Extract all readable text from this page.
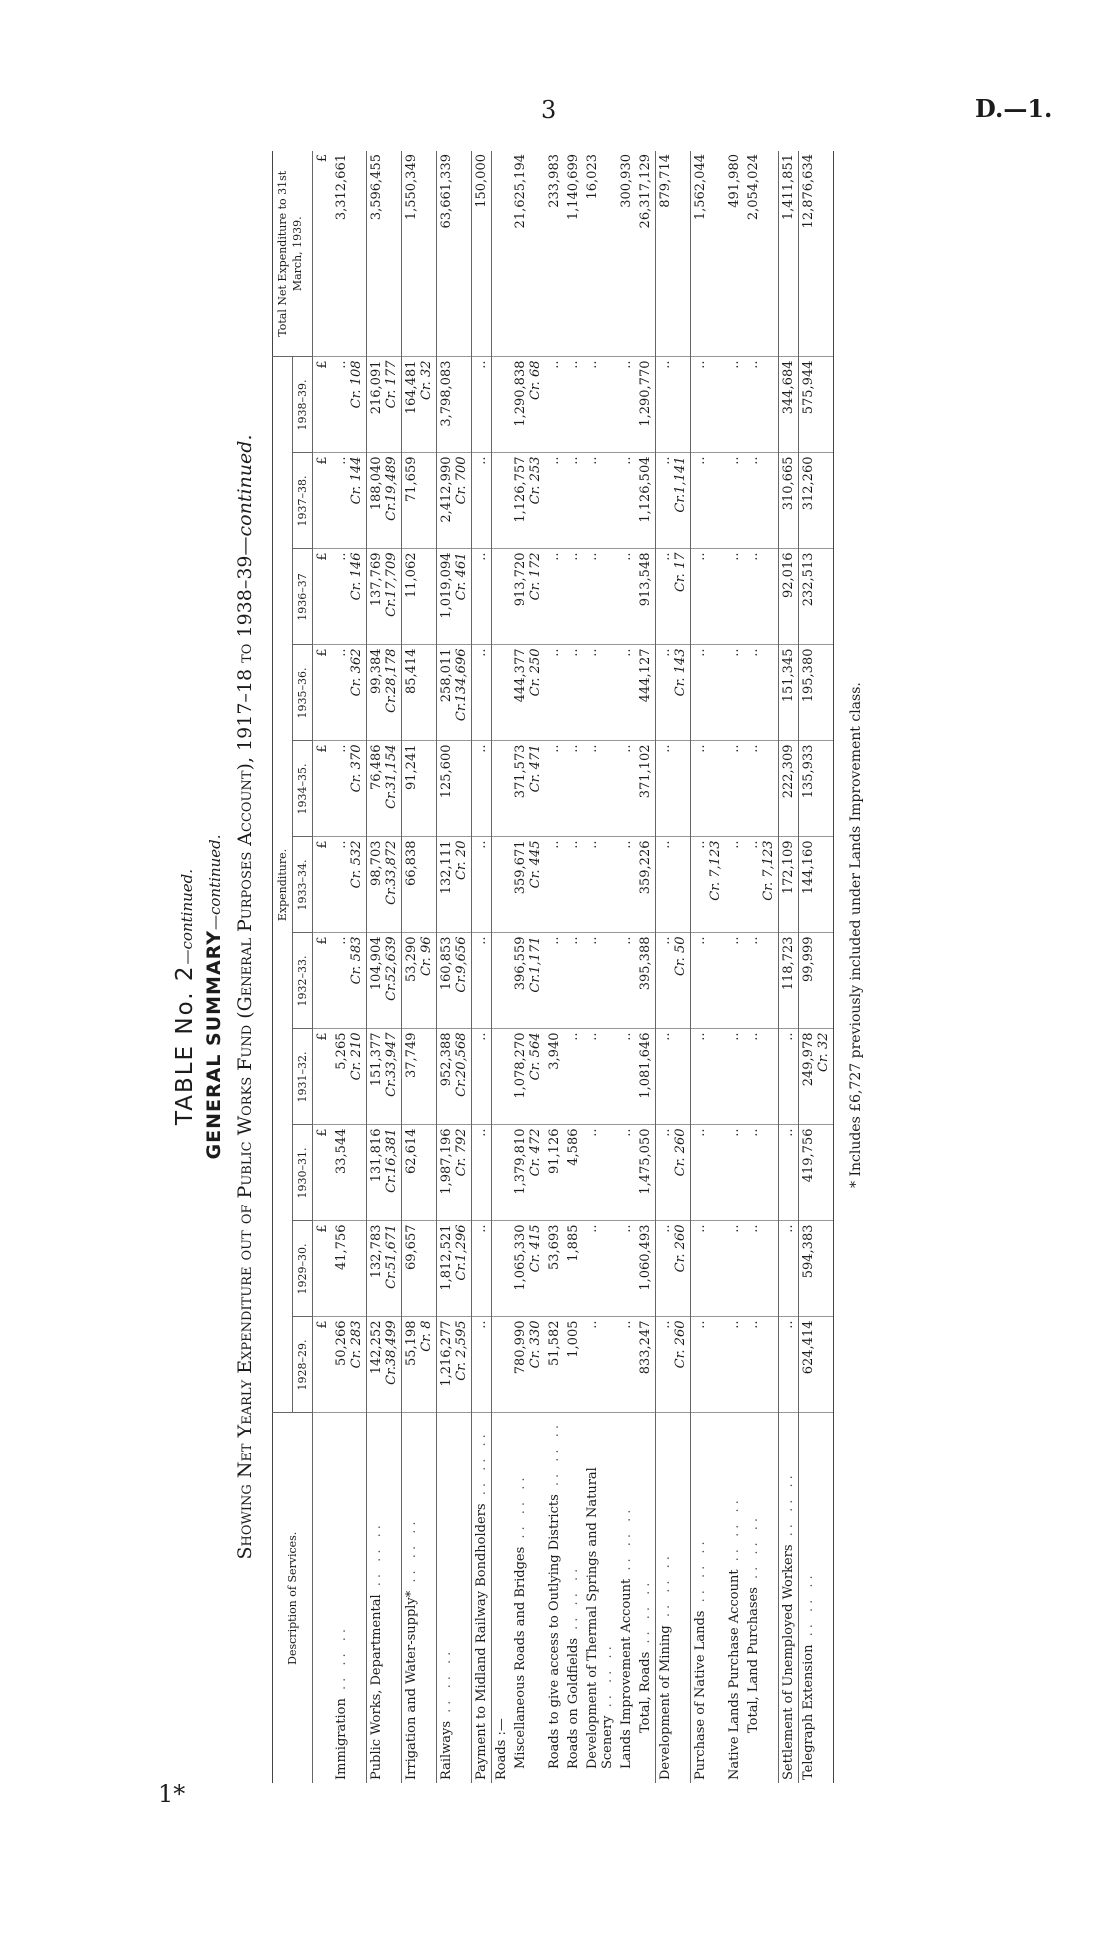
3	D.—1.
1*
TABLE No. 2—continued.
GENERAL SUMMARY—continued. Showing Net Yearly Expenditure out of Public Works Fund (General Purposes Account), 1917–18 to 1938–39—continued.
Description of Services.	Expenditure.											Total Net Expenditure to 31st March, 1939.
	1928–29.	1929–30.	1930–31.	1931–32.	1932–33.	1933–34.	1934–35.	1935–36.	1936–37	1937–38.	1938–39.	
	£	£	£	£	£	£	£	£	£	£	£	£
Immigration .. .. ..	50,266 Cr. 283	41,756	33,544	5,265 Cr. 210	.. Cr. 583	.. Cr. 532	.. Cr. 370	.. Cr. 362	.. Cr. 146	.. Cr. 144	.. Cr. 108	3,312,661

Public Works, Departmental .. .. ..	142,252 Cr.38,499	132,783 Cr.51,671	131,816 Cr.16,381	151,377 Cr.33,947	104,904 Cr.52,639	98,703 Cr.33,872	76,486 Cr.31,154	99,384 Cr.28,178	137,769 Cr.17,709	188,040 Cr.19,489	216,091 Cr. 177	3,596,455

Irrigation and Water-supply* .. .. ..	55,198 Cr. 8	69,657	62,614	37,749	53,290 Cr. 96	66,838	91,241	85,414	11,062	71,659	164,481 Cr. 32	1,550,349

Railways .. .. ..	1,216,277 Cr. 2,595	1,812,521 Cr.1,296	1,987,196 Cr. 792	952,388 Cr.20,568	160,853 Cr.9,656	132,111 Cr. 20	125,600	258,011 Cr.134,696	1,019,094 Cr. 461	2,412,990 Cr. 700	3,798,083	63,661,339

Payment to Midland Railway Bondholders .. .. ..	..	..	..	..	..	..	..	..	..	..	..	150,000

Roads :—												
Miscellaneous Roads and Bridges .. .. ..	780,990 Cr. 330	1,065,330 Cr. 415	1,379,810 Cr. 472	1,078,270 Cr. 564	396,559 Cr.1,171	359,671 Cr. 445	371,573 Cr. 471	444,377 Cr. 250	913,720 Cr. 172	1,126,757 Cr. 253	1,290,838 Cr. 68	21,625,194

Roads to give access to Outlying Districts .. .. ..	51,582	53,693	91,126	3,940	..	..	..	..	..	..	..	233,983

Roads on Goldfields .. .. ..	1,005	1,885	4,586	..	..	..	..	..	..	..	..	1,140,699

Development of Thermal Springs and Natural Scenery .. .. ..	..	..	..	..	..	..	..	..	..	..	..	16,023

Lands Improvement Account .. .. ..	..	..	..	..	..	..	..	..	..	..	..	300,930

Total, Roads .. .. ..	833,247	1,060,493	1,475,050	1,081,646	395,388	359,226	371,102	444,127	913,548	1,126,504	1,290,770	26,317,129

Development of Mining .. .. ..	.. Cr. 260	.. Cr. 260	.. Cr. 260	..	.. Cr. 50	..	..	.. Cr. 143	.. Cr. 17	.. Cr.1,141	..	879,714

Purchase of Native Lands .. .. ..	..	..	..	..	..	.. Cr. 7,123	..	..	..	..	..	1,562,044

Native Lands Purchase Account .. .. ..	..	..	..	..	..	..	..	..	..	..	..	491,980

Total, Land Purchases .. .. ..	..	..	..	..	..	.. Cr. 7,123	..	..	..	..	..	2,054,024

Settlement of Unemployed Workers .. .. ..	..	..	..	..	118,723	172,109	222,309	151,345	92,016	310,665	344,684	1,411,851

Telegraph Extension .. .. ..	624,414	594,383	419,756	249,978 Cr. 32	99,999	144,160	135,933	195,380	232,513	312,260	575,944	12,876,634
* Includes £6,727 previously included under Lands Improvement class.
